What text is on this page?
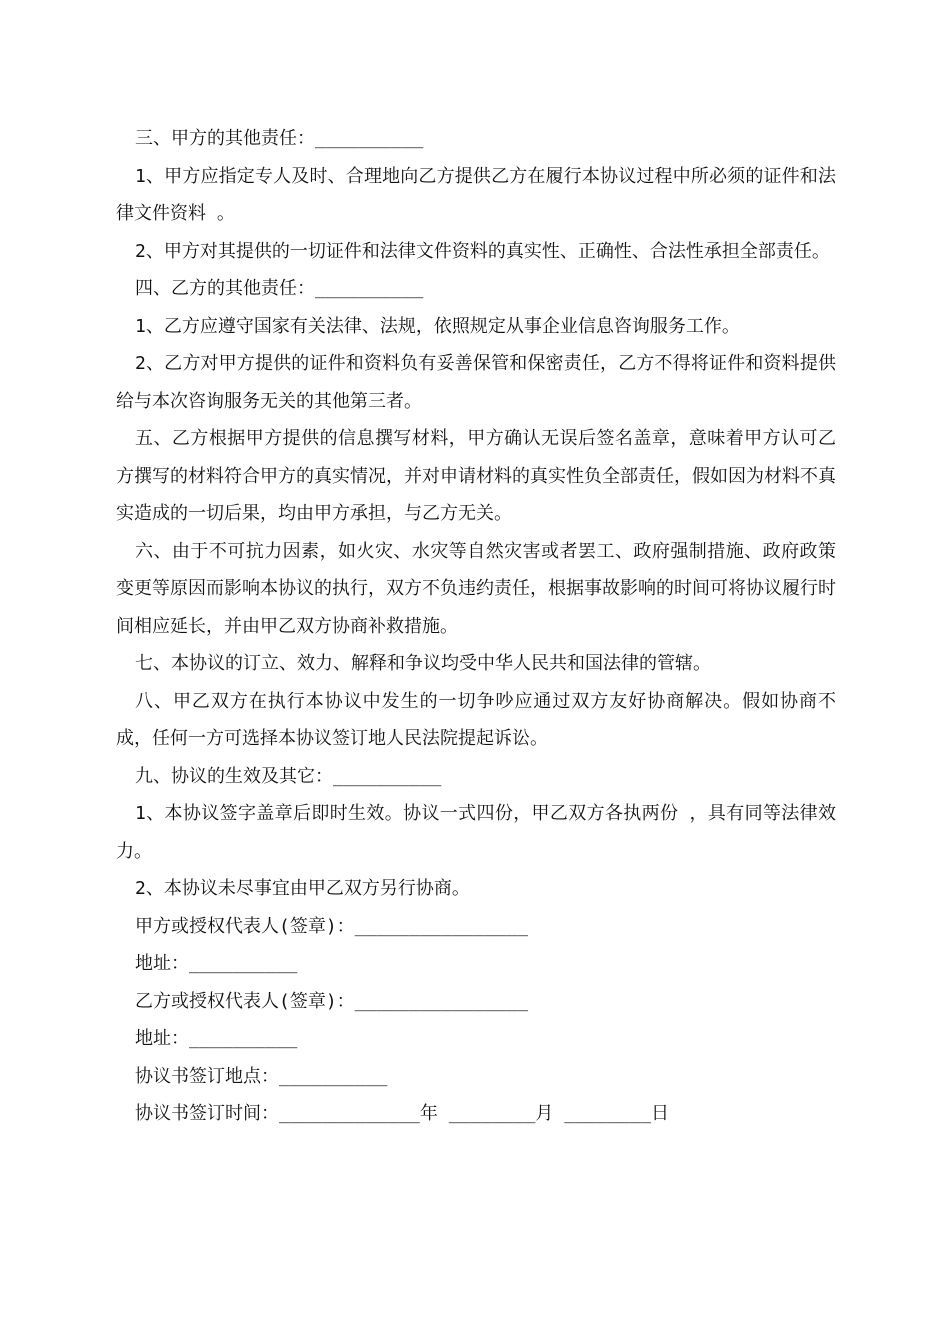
三、甲方的其他责任：__________

1、甲方应指定专人及时、合理地向乙方提供乙方在履行本协议过程中所必须的证件和法律文件资料 。

2、甲方对其提供的一切证件和法律文件资料的真实性、正确性、合法性承担全部责任。

四、乙方的其他责任：__________

1、乙方应遵守国家有关法律、法规，依照规定从事企业信息咨询服务工作。

2、乙方对甲方提供的证件和资料负有妥善保管和保密责任，乙方不得将证件和资料提供给与本次咨询服务无关的其他第三者。

五、乙方根据甲方提供的信息撰写材料，甲方确认无误后签名盖章，意味着甲方认可乙方撰写的材料符合甲方的真实情况，并对申请材料的真实性负全部责任，假如因为材料不真实造成的一切后果，均由甲方承担，与乙方无关。

六、由于不可抗力因素，如火灾、水灾等自然灾害或者罢工、政府强制措施、政府政策变更等原因而影响本协议的执行，双方不负违约责任，根据事故影响的时间可将协议履行时间相应延长，并由甲乙双方协商补救措施。

七、本协议的订立、效力、解释和争议均受中华人民共和国法律的管辖。

八、甲乙双方在执行本协议中发生的一切争吵应通过双方友好协商解决。假如协商不成，任何一方可选择本协议签订地人民法院提起诉讼。

九、协议的生效及其它：__________

1、本协议签字盖章后即时生效。协议一式四份，甲乙双方各执两份 ，具有同等法律效力。

2、本协议未尽事宜由甲乙双方另行协商。

甲方或授权代表人(签章)：________________

地址：__________

乙方或授权代表人(签章)：________________

地址：__________

协议书签订地点：__________

协议书签订时间：_____________年 ________月 ________日
